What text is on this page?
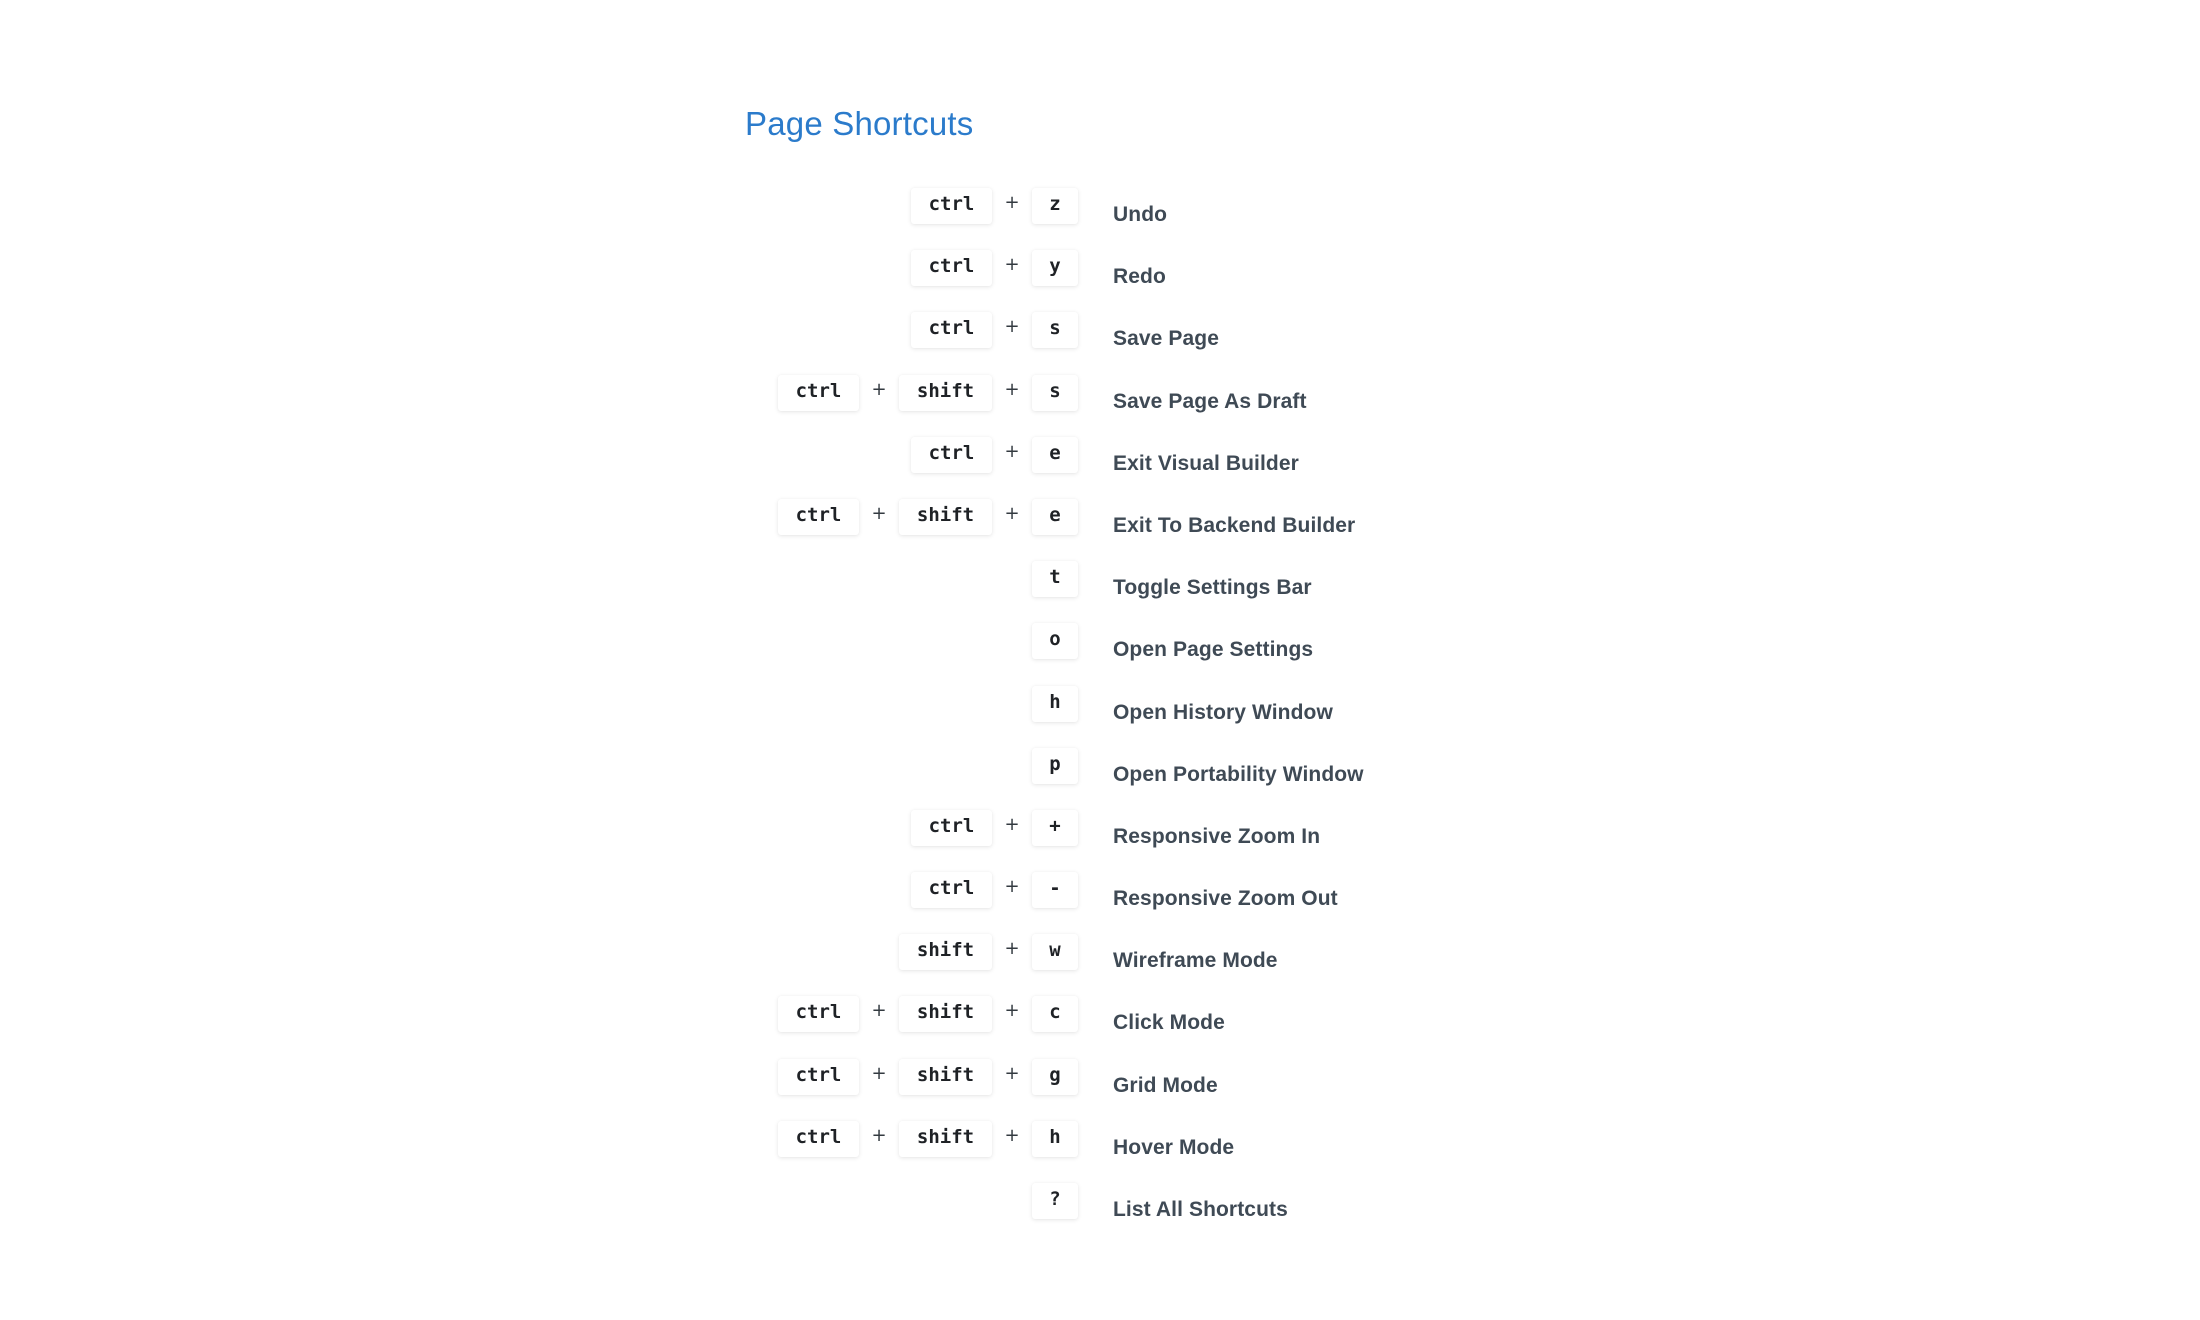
Page Shortcuts
ctrl	+	z	Undo
ctrl	+	y	Redo
ctrl	+	s	Save Page
ctrl	+	shift	+	s	Save Page As Draft
ctrl	+	e	Exit Visual Builder
ctrl	+	shift	+	e	Exit To Backend Builder
t	Toggle Settings Bar
o	Open Page Settings
h	Open History Window
p	Open Portability Window
ctrl	+	+	Responsive Zoom In
ctrl	+	-	Responsive Zoom Out
shift	+	w	Wireframe Mode
ctrl	+	shift	+	c	Click Mode
ctrl	+	shift	+	g	Grid Mode
ctrl	+	shift	+	h	Hover Mode
?	List All Shortcuts
